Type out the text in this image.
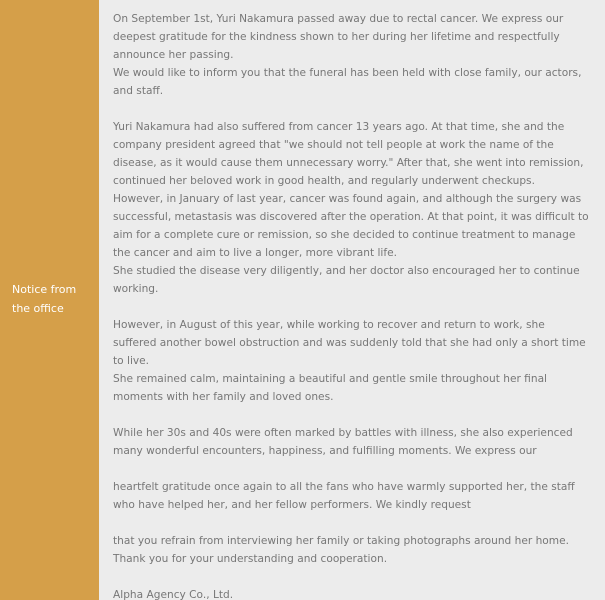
Notice from
the office

On September 1st, Yuri Nakamura passed away due to rectal cancer. We express our deepest gratitude for the kindness shown to her during her lifetime and respectfully announce her passing.
We would like to inform you that the funeral has been held with close family, our actors, and staff.

Yuri Nakamura had also suffered from cancer 13 years ago. At that time, she and the company president agreed that "we should not tell people at work the name of the disease, as it would cause them unnecessary worry." After that, she went into remission, continued her beloved work in good health, and regularly underwent checkups.
However, in January of last year, cancer was found again, and although the surgery was successful, metastasis was discovered after the operation. At that point, it was difficult to aim for a complete cure or remission, so she decided to continue treatment to manage the cancer and aim to live a longer, more vibrant life.
She studied the disease very diligently, and her doctor also encouraged her to continue working.

However, in August of this year, while working to recover and return to work, she suffered another bowel obstruction and was suddenly told that she had only a short time to live.
She remained calm, maintaining a beautiful and gentle smile throughout her final moments with her family and loved ones.

While her 30s and 40s were often marked by battles with illness, she also experienced many wonderful encounters, happiness, and fulfilling moments. We express our

heartfelt gratitude once again to all the fans who have warmly supported her, the staff who have helped her, and her fellow performers. We kindly request

that you refrain from interviewing her family or taking photographs around her home. Thank you for your understanding and cooperation.

Alpha Agency Co., Ltd.
